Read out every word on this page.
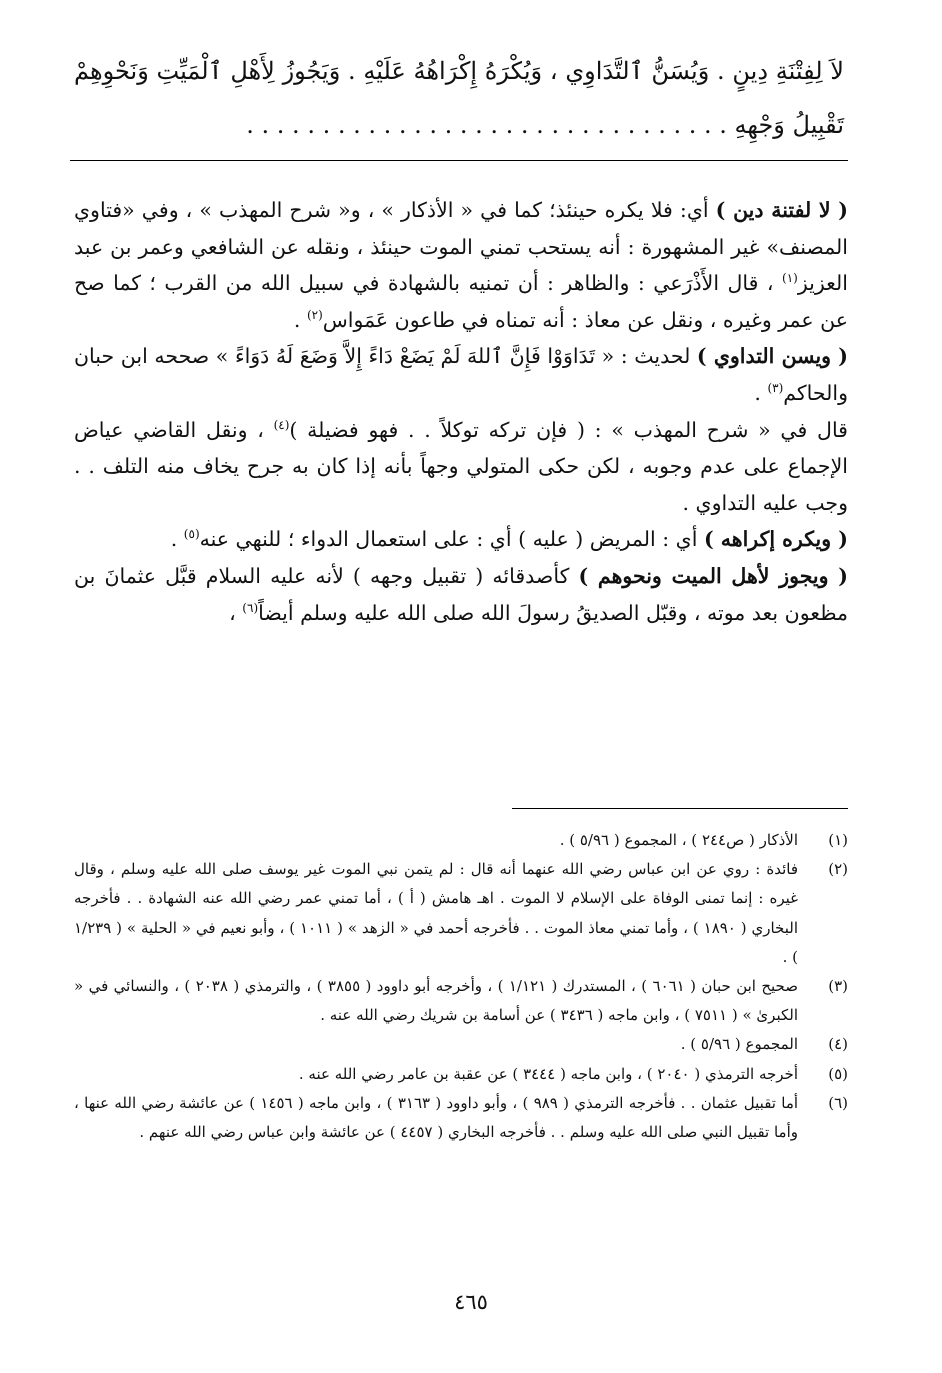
لاَ لِفِتْنَةِ دِينٍ . وَيُسَنُّ ٱلتَّدَاوِي ، وَيُكْرَهُ إِكْرَاهُهُ عَلَيْهِ . وَيَجُوزُ لِأَهْلِ ٱلْمَيِّتِ وَنَحْوِهِمْ تَقْبِيلُ وَجْهِهِ . . . . . . . . . . . . . . . . . . . . . . . . . . . . . . . .

( لا لفتنة دين ) أي: فلا يكره حينئذ؛ كما في « الأذكار » ، و« شرح المهذب » ، وفي «فتاوي المصنف» غير المشهورة : أنه يستحب تمني الموت حينئذ ، ونقله عن الشافعي وعمر بن عبد العزيز$^{(١)}$ ، قال الأَذْرَعي : والظاهر : أن تمنيه بالشهادة في سبيل الله من القرب ؛ كما صح عن عمر وغيره ، ونقل عن معاذ : أنه تمناه في طاعون عَمَواس$^{(٢)}$ .

( ويسن التداوي ) لحديث : « تَدَاوَوْا فَإِنَّ ٱللهَ لَمْ يَضَعْ دَاءً إِلاَّ وَضَعَ لَهُ دَوَاءً » صححه ابن حبان والحاكم$^{(٣)}$ .

قال في « شرح المهذب » : ( فإن تركه توكلاً . . فهو فضيلة )$^{(٤)}$ ، ونقل القاضي عياض الإجماع على عدم وجوبه ، لكن حكى المتولي وجهاً بأنه إذا كان به جرح يخاف منه التلف . . وجب عليه التداوي .

( ويكره إكراهه ) أي : المريض ( عليه ) أي : على استعمال الدواء ؛ للنهي عنه$^{(٥)}$ .

( ويجوز لأهل الميت ونحوهم ) كأصدقائه ( تقبيل وجهه ) لأنه عليه السلام قبَّل عثمانَ بن مظعون بعد موته ، وقبّل الصديقُ رسولَ الله صلى الله عليه وسلم أيضاً$^{(٦)}$ ،

(١)
الأذكار ( ص٢٤٤ ) ، المجموع ( ٥/٩٦ ) .
(٢)
فائدة : روي عن ابن عباس رضي الله عنهما أنه قال : لم يتمن نبي الموت غير يوسف صلى الله عليه وسلم ، وقال غيره : إنما تمنى الوفاة على الإسلام لا الموت . اهـ هامش ( أ ) ، أما تمني عمر رضي الله عنه الشهادة . . فأخرجه البخاري ( ١٨٩٠ ) ، وأما تمني معاذ الموت . . فأخرجه أحمد في « الزهد » ( ١٠١١ ) ، وأبو نعيم في « الحلية » ( ١/٢٣٩ ) .
(٣)
صحيح ابن حبان ( ٦٠٦١ ) ، المستدرك ( ١/١٢١ ) ، وأخرجه أبو داوود ( ٣٨٥٥ ) ، والترمذي ( ٢٠٣٨ ) ، والنسائي في « الكبرىٰ » ( ٧٥١١ ) ، وابن ماجه ( ٣٤٣٦ ) عن أسامة بن شريك رضي الله عنه .
(٤)
المجموع ( ٥/٩٦ ) .
(٥)
أخرجه الترمذي ( ٢٠٤٠ ) ، وابن ماجه ( ٣٤٤٤ ) عن عقبة بن عامر رضي الله عنه .
(٦)
أما تقبيل عثمان . . فأخرجه الترمذي ( ٩٨٩ ) ، وأبو داوود ( ٣١٦٣ ) ، وابن ماجه ( ١٤٥٦ ) عن عائشة رضي الله عنها ، وأما تقبيل النبي صلى الله عليه وسلم . . فأخرجه البخاري ( ٤٤٥٧ ) عن عائشة وابن عباس رضي الله عنهم .
٤٦٥
